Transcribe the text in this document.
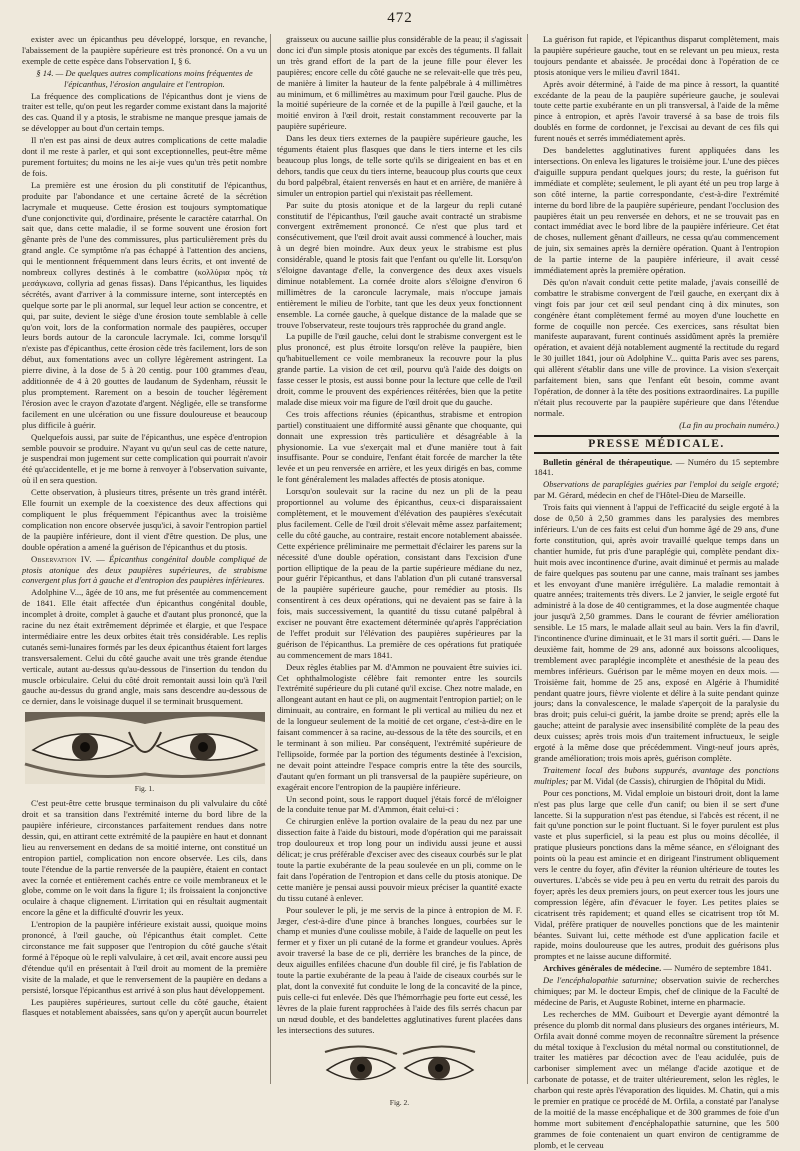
472

exister avec un épicanthus peu développé, lorsque, en revanche, l'abaissement de la paupière supérieure est très prononcé. On a vu un exemple de cette espèce dans l'observation I, § 6.

§ 14. — De quelques autres complications moins fréquentes de l'épicanthus, l'érosion angulaire et l'entropion.

La fréquence des complications de l'épicanthus dont je viens de traiter est telle, qu'on peut les regarder comme existant dans la majorité des cas. Quand il y a ptosis, le strabisme ne manque presque jamais de se développer au bout d'un certain temps.

Il n'en est pas ainsi de deux autres complications de cette maladie dont il me reste à parler, et qui sont exceptionnelles, peut-être même purement fortuites; du moins ne les ai-je vues qu'un très petit nombre de fois.

La première est une érosion du pli constitutif de l'épicanthus, produite par l'abondance et une certaine âcreté de la sécrétion lacrymale et muqueuse. Cette érosion est toujours symptomatique d'une conjonctivite qui, d'ordinaire, présente le caractère catarrhal. On sait que, dans cette maladie, il se forme souvent une érosion fort gênante près de l'une des commissures, plus particulièrement près du grand angle. Ce symptôme n'a pas échappé à l'attention des anciens, qui le mentionnent fréquemment dans leurs écrits, et ont inventé de nombreux collyres destinés à le combattre (κολλύρια πρὸς τὰ μεσάγκωνα, collyria ad genas fissas). Dans l'épicanthus, les liquides sécrétés, avant d'arriver à la commissure interne, sont interceptés en quelque sorte par le pli anormal, sur lequel leur action se concentre, et qui, par suite, devient le siège d'une érosion toute semblable à celle qu'on voit, lors de la conformation normale des paupières, occuper leurs bords autour de la caroncule lacrymale. Ici, comme lorsqu'il n'existe pas d'épicanthus, cette érosion cède très facilement, lors de son début, aux fomentations avec un collyre légèrement astringent. La pierre divine, à la dose de 5 à 20 centig. pour 100 grammes d'eau, additionnée de 4 à 20 gouttes de laudanum de Sydenham, réussit le plus promptement. Rarement on a besoin de toucher légèrement l'érosion avec le crayon d'azotate d'argent. Négligée, elle se transforme facilement en une ulcération ou une fissure douloureuse et beaucoup plus difficile à guérir.

Quelquefois aussi, par suite de l'épicanthus, une espèce d'entropion semble pouvoir se produire. N'ayant vu qu'un seul cas de cette nature, je suspendrai mon jugement sur cette complication qui pourrait n'avoir été qu'accidentelle, et je me borne à renvoyer à l'observation suivante, où il en sera question.

Cette observation, à plusieurs titres, présente un très grand intérêt. Elle fournit un exemple de la coexistence des deux affections qui compliquent le plus fréquemment l'épicanthus avec la troisième complication non encore observée jusqu'ici, à savoir l'entropion partiel de la paupière inférieure, dont il vient d'être question. De plus, une double opération a amené la guérison de l'épicanthus et du ptosis.

Observation IV. — Épicanthus congénital double compliqué de ptosis atonique des deux paupières supérieures, de strabisme convergent plus fort à gauche et d'entropion des paupières inférieures.

Adolphine V..., âgée de 10 ans, me fut présentée au commencement de 1841. Elle était affectée d'un épicanthus congénital double, incomplet à droite, complet à gauche et d'autant plus prononcé, que la racine du nez était extrêmement déprimée et élargie, et que l'espace intermédiaire entre les deux orbites était très considérable. Les replis cutanés semi-lunaires formés par les deux épicanthus étaient fort larges transversalement. Celui du côté gauche avait une très grande étendue verticale, autant au-dessus qu'au-dessous de l'insertion du tendon du muscle orbiculaire. Celui du côté droit remontait aussi loin qu'à l'œil gauche au-dessus du grand angle, mais sans descendre au-dessous de ce dernier, dans le voisinage duquel il se terminait brusquement.

Fig. 1.

C'est peut-être cette brusque terminaison du pli valvulaire du côté droit et sa transition dans l'extrémité interne du bord libre de la paupière inférieure, circonstances parfaitement rendues dans notre dessin, qui, en attirant cette extrémité de la paupière en haut et donnant lieu au renversement en dedans de sa moitié interne, ont constitué un entropion partiel, complication non encore observée. Les cils, dans toute l'étendue de la partie renversée de la paupière, étaient en contact avec la cornée et entièrement cachés entre ce voile membraneux et le globe, comme on le voit dans la figure 1; ils froissaient la conjonctive oculaire à chaque clignement. L'irritation qui en résultait augmentait encore la gêne et la difficulté d'ouvrir les yeux.

L'entropion de la paupière inférieure existait aussi, quoique moins prononcé, à l'œil gauche, où l'épicanthus était complet. Cette circonstance me fait supposer que l'entropion du côté gauche s'était formé à l'époque où le repli valvulaire, à cet œil, avait encore aussi peu d'étendue qu'il en présentait à l'œil droit au moment de la première visite de la malade, et que le renversement de la paupière en dedans a persisté, lorsque l'épicanthus est arrivé à son plus haut développement.

Les paupières supérieures, surtout celle du côté gauche, étaient flasques et notablement abaissées, sans qu'on y aperçût aucun bourrelet

graisseux ou aucune saillie plus considérable de la peau; il s'agissait donc ici d'un simple ptosis atonique par excès des téguments. Il fallait un très grand effort de la part de la jeune fille pour élever les paupières; encore celle du côté gauche ne se relevait-elle que très peu, de manière à limiter la hauteur de la fente palpébrale à 4 millimètres au minimum, et 6 millimètres au maximum pour l'œil gauche. Plus de la moitié supérieure de la cornée et de la pupille à l'œil gauche, et la moitié environ à l'œil droit, restait constamment recouverte par la paupière supérieure.

Dans les deux tiers externes de la paupière supérieure gauche, les téguments étaient plus flasques que dans le tiers interne et les cils beaucoup plus longs, de telle sorte qu'ils se dirigeaient en bas et en dehors, tandis que ceux du tiers interne, beaucoup plus courts que ceux du bord palpébral, étaient renversés en haut et en arrière, de manière à simuler un entropion partiel qui n'existait pas réellement.

Par suite du ptosis atonique et de la largeur du repli cutané constitutif de l'épicanthus, l'œil gauche avait contracté un strabisme convergent extrêmement prononcé. Ce n'est que plus tard et consécutivement, que l'œil droit avait aussi commencé à loucher, mais à un degré bien moindre. Aux deux yeux le strabisme est plus considérable, quand le ptosis fait que l'enfant ou qu'elle lit. Lorsqu'on s'éloigne davantage d'elle, la convergence des deux axes visuels diminue notablement. La cornée droite alors s'éloigne d'environ 6 millimètres de la caroncule lacrymale, mais n'occupe jamais entièrement le milieu de l'orbite, tant que les deux yeux fonctionnent ensemble. La cornée gauche, à quelque distance de la malade que se trouve l'observateur, reste toujours très rapprochée du grand angle.

La pupille de l'œil gauche, celui dont le strabisme convergent est le plus prononcé, est plus étroite lorsqu'on relève la paupière, bien qu'habituellement ce voile membraneux la recouvre pour la plus grande partie. La vision de cet œil, pourvu qu'à l'aide des doigts on fasse cesser le ptosis, est aussi bonne pour la lecture que celle de l'œil droit, comme le prouvent des expériences réitérées, bien que la petite malade dise mieux voir ma figure de l'œil droit que du gauche.

Ces trois affections réunies (épicanthus, strabisme et entropion partiel) constituaient une difformité aussi gênante que choquante, qui donnait une expression très particulière et désagréable à la physionomie. La vue s'exerçait mal et d'une manière tout à fait insuffisante. Pour se conduire, l'enfant était forcée de marcher la tête levée et un peu renversée en arrière, et les yeux dirigés en bas, comme le font généralement les malades affectés de ptosis atonique.

Lorsqu'on soulevait sur la racine du nez un pli de la peau proportionnel au volume des épicanthus, ceux-ci disparaissaient complètement, et le mouvement d'élévation des paupières s'exécutait plus facilement. Celle de l'œil droit s'élevait même assez parfaitement; celle du côté gauche, au contraire, restait encore notablement abaissée. Cette expérience préliminaire me permettait d'éclairer les parens sur la nécessité d'une double opération, consistant dans l'excision d'une portion elliptique de la peau de la partie supérieure médiane du nez, pour guérir l'épicanthus, et dans l'ablation d'un pli cutané transversal de la paupière supérieure gauche, pour remédier au ptosis. Ils consentirent à ces deux opérations, qui ne devaient pas se faire à la fois, mais successivement, la quantité du tissu cutané palpébral à exciser ne pouvant être exactement déterminée qu'après l'appréciation de l'effet produit sur l'élévation des paupières supérieures par la guérison de l'épicanthus. La première de ces opérations fut pratiquée au commencement de mars 1841.

Deux règles établies par M. d'Ammon ne pouvaient être suivies ici. Cet ophthalmologiste célèbre fait remonter entre les sourcils l'extrémité supérieure du pli cutané qu'il excise. Chez notre malade, en allongeant autant en haut ce pli, on augmentait l'entropion partiel; on le diminuait, au contraire, en formant le pli vertical au milieu du nez et de la longueur seulement de la moitié de cet organe, c'est-à-dire en le faisant commencer à sa racine, au-dessous de la tête des sourcils, et en le terminant à son milieu. Par conséquent, l'extrémité supérieure de l'ellipsoïde, formée par la portion des téguments destinée à l'excision, ne devait point atteindre l'espace compris entre la tête des sourcils, d'autant qu'en formant un pli transversal de la paupière supérieure, on exagérait encore l'entropion de la paupière inférieure.

Un second point, sous le rapport duquel j'étais forcé de m'éloigner de la conduite tenue par M. d'Ammon, était celui-ci :

Ce chirurgien enlève la portion ovalaire de la peau du nez par une dissection faite à l'aide du bistouri, mode d'opération qui me paraissait trop douloureux et trop long pour un individu aussi jeune et aussi délicat; je crus préférable d'exciser avec des ciseaux courbés sur le plat toute la partie exubérante de la peau soulevée en un pli, comme on le fait dans l'opération de l'entropion et dans celle du ptosis atonique. De cette manière je pensai aussi pouvoir mieux préciser la quantité exacte du tissu cutané à enlever.

Pour soulever le pli, je me servis de la pince à entropion de M. F. Jæger, c'est-à-dire d'une pince à branches longues, courbées sur le champ et munies d'une coulisse mobile, à l'aide de laquelle on peut les fermer et y fixer un pli cutané de la forme et grandeur voulues. Après avoir traversé la base de ce pli, derrière les branches de la pince, de deux aiguilles enfilées chacune d'un double fil ciré, je fis l'ablation de toute la partie exubérante de la peau à l'aide de ciseaux courbés sur le plat, dont la convexité fut conduite le long de la concavité de la pince, puis celle-ci fut enlevée. Dès que l'hémorrhagie peu forte eut cessé, les lèvres de la plaie furent rapprochées à l'aide des fils serrés chacun par un nœud double, et des bandelettes agglutinatives furent placées dans les intersections des sutures.

Fig. 2.

La guérison fut rapide, et l'épicanthus disparut complètement, mais la paupière supérieure gauche, tout en se relevant un peu mieux, resta toujours pendante et abaissée. Je procédai donc à l'opération de ce ptosis atonique vers le milieu d'avril 1841.

Après avoir déterminé, à l'aide de ma pince à ressort, la quantité excédante de la peau de la paupière supérieure gauche, je soulevai toute cette partie exubérante en un pli transversal, à l'aide de la même pince à entropion, et après l'avoir traversé à sa base de trois fils doublés en forme de cordonnet, je l'excisai au devant de ces fils qui furent noués et serrés immédiatement après.

Des bandelettes agglutinatives furent appliquées dans les intersections. On enleva les ligatures le troisième jour. L'une des pièces d'aiguille suppura pendant quelques jours; du reste, la guérison fut immédiate et complète; seulement, le pli ayant été un peu trop large à son côté interne, la partie correspondante, c'est-à-dire l'extrémité interne du bord libre de la paupière supérieure, pendant l'occlusion des paupières était un peu renversée en dehors, et ne se trouvait pas en contact immédiat avec le bord libre de la paupière inférieure. Cet état de choses, nullement gênant d'ailleurs, ne cessa qu'au commencement de juin, six semaines après la dernière opération. Quant à l'entropion de la partie interne de la paupière inférieure, il avait cessé immédiatement après la première opération.

Dès qu'on n'avait conduit cette petite malade, j'avais conseillé de combattre le strabisme convergent de l'œil gauche, en exerçant dix à vingt fois par jour cet œil seul pendant cinq à dix minutes, son congénère étant complètement fermé au moyen d'une louchette en forme de coquille non percée. Ces exercices, sans résultat bien manifeste auparavant, furent continués assidûment après la première opération, et avaient déjà notablement augmenté la rectitude du regard le 30 juillet 1841, jour où Adolphine V... quitta Paris avec ses parens, qui allèrent s'établir dans une ville de province. La vision s'exerçait parfaitement bien, sans que l'enfant eût besoin, comme avant l'opération, de donner à la tête des positions extraordinaires. La pupille n'était plus recouverte par la paupière supérieure que dans l'étendue normale.

(La fin au prochain numéro.)

PRESSE MÉDICALE.

Bulletin général de thérapeutique. — Numéro du 15 septembre 1841.

Observations de paraplégies guéries par l'emploi du seigle ergoté; par M. Gérard, médecin en chef de l'Hôtel-Dieu de Marseille.

Trois faits qui viennent à l'appui de l'efficacité du seigle ergoté à la dose de 0,50 à 2,50 grammes dans les paralysies des membres inférieurs. L'un de ces faits est celui d'un homme âgé de 29 ans, d'une forte constitution, qui, après avoir travaillé quelque temps dans un chantier humide, fut pris d'une paraplégie qui, complète pendant dix-huit mois avec incontinence d'urine, avait diminué et permis au malade de faire quelques pas soutenu par une canne, mais traînant ses jambes et les envoyant d'une manière irrégulière. La maladie remontait à quatre années; traitements très divers. Le 2 janvier, le seigle ergoté fut administré à la dose de 40 centigrammes, et la dose augmentée chaque jour jusqu'à 2,50 grammes. Dans le courant de février amélioration sensible. Le 15 mars, le malade allait seul au bain. Vers la fin d'avril, l'incontinence d'urine diminuait, et le 31 mars il sortit guéri. — Dans le deuxième fait, homme de 29 ans, adonné aux boissons alcooliques, tremblement avec paraplégie incomplète et anesthésie de la peau des membres inférieurs. Guérison par le même moyen en deux mois. — Troisième fait, homme de 25 ans, exposé en Algérie à l'humidité pendant quatre jours, fièvre violente et délire à la suite pendant quinze jours; dans la convalescence, le malade s'aperçoit de la paralysie du bras droit; puis celui-ci guérit, la jambe droite se prend; après elle la gauche; atteint de paralysie avec insensibilité complète de la peau des deux cuisses; après trois mois d'un traitement infructueux, le seigle ergoté à la même dose que précédemment. Vingt-neuf jours après, grande amélioration; trois mois après, guérison complète.

Traitement local des bubons suppurés, avantage des ponctions multiples; par M. Vidal (de Cassis), chirurgien de l'hôpital du Midi.

Pour ces ponctions, M. Vidal emploie un bistouri droit, dont la lame n'est pas plus large que celle d'un canif; ou bien il se sert d'une lancette. Si la suppuration n'est pas étendue, si l'abcès est récent, il ne fait qu'une ponction sur le point fluctuant. Si le foyer purulent est plus vaste et plus superficiel, si la peau est plus ou moins décollée, il pratique plusieurs ponctions dans la même séance, en s'éloignant des points où la peau est amincie et en dirigeant l'instrument obliquement vers le centre du foyer, afin d'éviter la réunion ultérieure de toutes les ouvertures. L'abcès se vide peu à peu en vertu du retrait des parois du foyer; après les deux premiers jours, on peut exercer tous les jours une compression légère, afin d'évacuer le foyer. Les petites plaies se cicatrisent très rapidement; et quand elles se cicatrisent trop tôt M. Vidal, préfère pratiquer de nouvelles ponctions que de les maintenir béantes. Suivant lui, cette méthode est d'une application facile et rapide, moins douloureuse que les autres, produit des guérisons plus promptes et ne laisse aucune difformité.

Archives générales de médecine. — Numéro de septembre 1841.

De l'encéphalopathie saturnine; observation suivie de recherches chimiques; par M. le docteur Empis, chef de clinique de la Faculté de médecine de Paris, et Auguste Robinet, interne en pharmacie.

Les recherches de MM. Guibourt et Devergie ayant démontré la présence du plomb dit normal dans plusieurs des organes intérieurs, M. Orfila avait donné comme moyen de reconnaître sûrement la présence du métal toxique à l'exclusion du métal normal ou constitutionnel, de traiter les matières par décoction avec de l'eau acidulée, puis de carboniser simplement avec un mélange d'acide azotique et de carbonate de potasse, et de traiter ultérieurement, selon les règles, le charbon qui reste après l'évaporation des liquides. M. Chatin, qui a mis le premier en pratique ce procédé de M. Orfila, a constaté par l'analyse de la moitié de la masse encéphalique et de 300 grammes de foie d'un homme mort subitement d'encéphalopathie saturnine, que les 500 grammes de foie contenaient un quart environ de centigramme de plomb, et le cerveau
